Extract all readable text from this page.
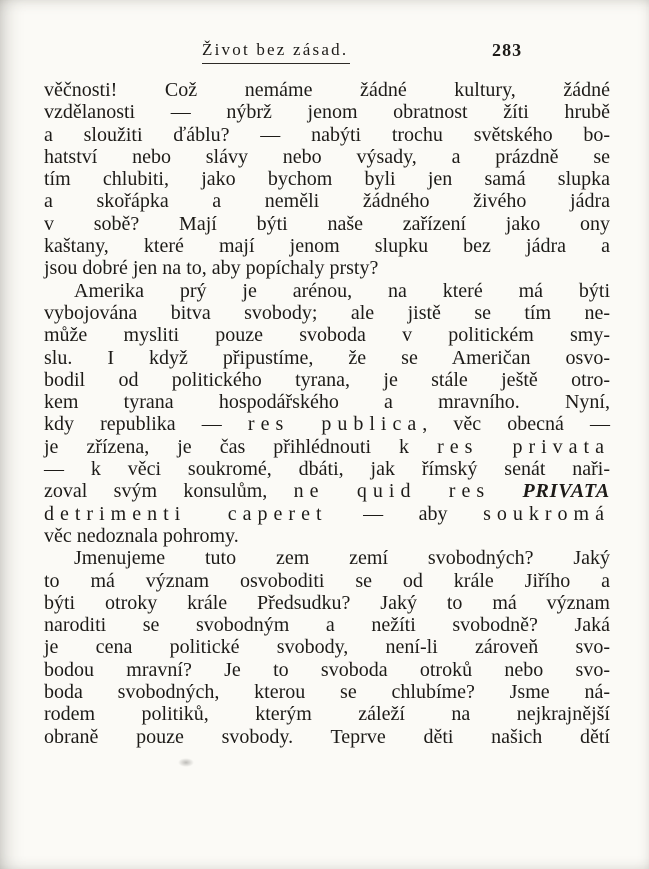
Život bez zásad.	283
věčnosti! Což nemáme žádné kultury, žádné
vzdělanosti — nýbrž jenom obratnost žíti hrubě
a sloužiti ďáblu? — nabýti trochu světského bo-
hatství nebo slávy nebo výsady, a prázdně se
tím chlubiti, jako bychom byli jen samá slupka
a skořápka a neměli žádného živého jádra
v sobě? Mají býti naše zařízení jako ony
kaštany, které mají jenom slupku bez jádra a
jsou dobré jen na to, aby popíchaly prsty?
Amerika prý je arénou, na které má býti
vybojována bitva svobody; ale jistě se tím ne-
může mysliti pouze svoboda v politickém smy-
slu. I když připustíme, že se Američan osvo-
bodil od politického tyrana, je stále ještě otro-
kem tyrana hospodářského a mravního. Nyní,
kdy republika — res publica, věc obecná —
je zřízena, je čas přihlédnouti k res privata
— k věci soukromé, dbáti, jak římský senát naři-
zoval svým konsulům, ne quid res PRIVATA
detrimenti caperet — aby soukromá
věc nedoznala pohromy.
Jmenujeme tuto zem zemí svobodných? Jaký
to má význam osvoboditi se od krále Jiřího a
býti otroky krále Předsudku? Jaký to má význam
naroditi se svobodným a nežíti svobodně? Jaká
je cena politické svobody, není-li zároveň svo-
bodou mravní? Je to svoboda otroků nebo svo-
boda svobodných, kterou se chlubíme? Jsme ná-
rodem politiků, kterým záleží na nejkrajnější
obraně pouze svobody. Teprve děti našich dětí
